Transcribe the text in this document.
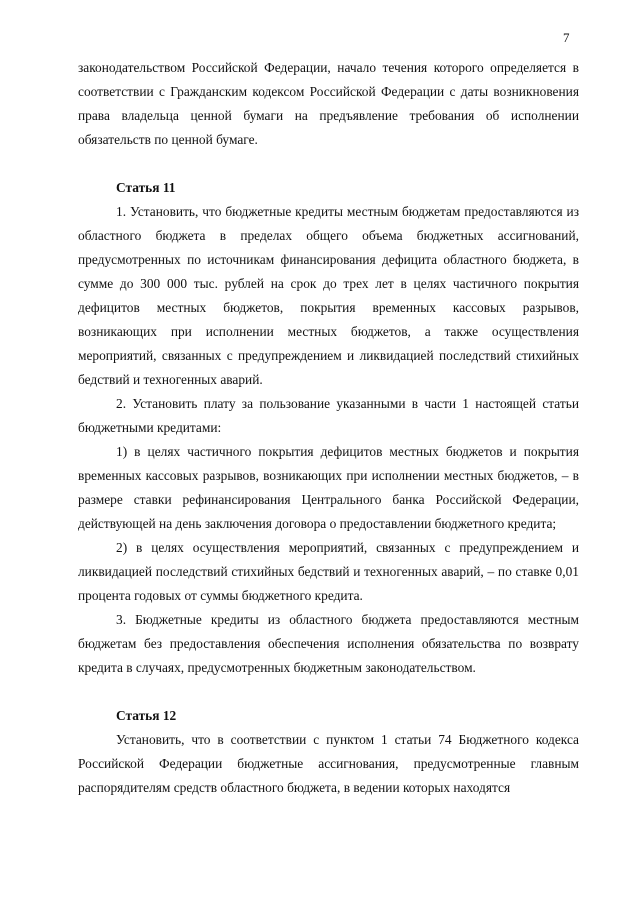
7

законодательством Российской Федерации, начало течения которого определяется в соответствии с Гражданским кодексом Российской Федерации с даты возникновения права владельца ценной бумаги на предъявление требования об исполнении обязательств по ценной бумаге.

Статья 11

1. Установить, что бюджетные кредиты местным бюджетам предоставляются из областного бюджета в пределах общего объема бюджетных ассигнований, предусмотренных по источникам финансирования дефицита областного бюджета, в сумме до 300 000 тыс. рублей на срок до трех лет в целях частичного покрытия дефицитов местных бюджетов, покрытия временных кассовых разрывов, возникающих при исполнении местных бюджетов, а также осуществления мероприятий, связанных с предупреждением и ликвидацией последствий стихийных бедствий и техногенных аварий.

2. Установить плату за пользование указанными в части 1 настоящей статьи бюджетными кредитами:

1) в целях частичного покрытия дефицитов местных бюджетов и покрытия временных кассовых разрывов, возникающих при исполнении местных бюджетов, – в размере ставки рефинансирования Центрального банка Российской Федерации, действующей на день заключения договора о предоставлении бюджетного кредита;

2) в целях осуществления мероприятий, связанных с предупреждением и ликвидацией последствий стихийных бедствий и техногенных аварий, – по ставке 0,01 процента годовых от суммы бюджетного кредита.

3. Бюджетные кредиты из областного бюджета предоставляются местным бюджетам без предоставления обеспечения исполнения обязательства по возврату кредита в случаях, предусмотренных бюджетным законодательством.

Статья 12

Установить, что в соответствии с пунктом 1 статьи 74 Бюджетного кодекса Российской Федерации бюджетные ассигнования, предусмотренные главным распорядителям средств областного бюджета, в ведении которых находятся
